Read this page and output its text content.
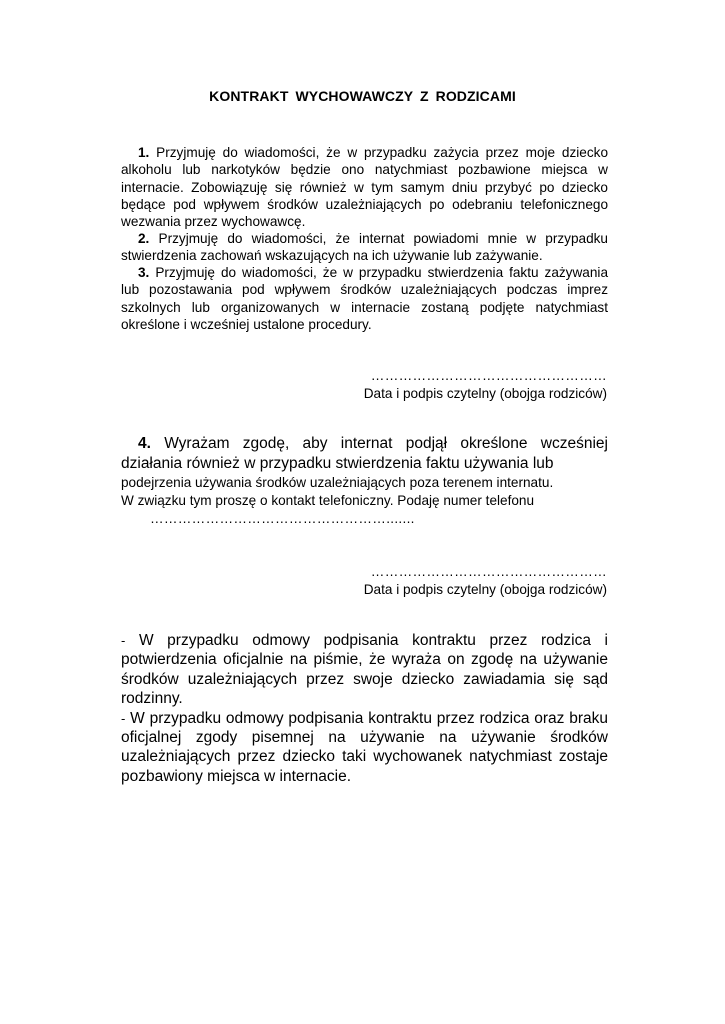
KONTRAKT WYCHOWAWCZY Z RODZICAMI

1. Przyjmuję do wiadomości, że w przypadku zażycia przez moje dziecko alkoholu lub narkotyków będzie ono natychmiast pozbawione miejsca w internacie. Zobowiązuję się również w tym samym dniu przybyć po dziecko będące pod wpływem środków uzależniających po odebraniu telefonicznego wezwania przez wychowawcę.

2. Przyjmuję do wiadomości, że internat powiadomi mnie w przypadku stwierdzenia zachowań wskazujących na ich używanie lub zażywanie.

3. Przyjmuję do wiadomości, że w przypadku stwierdzenia faktu zażywania lub pozostawania pod wpływem środków uzależniających podczas imprez szkolnych lub organizowanych w internacie zostaną podjęte natychmiast określone i wcześniej ustalone procedury.

……………………………………………
Data i podpis czytelny (obojga rodziców)
4. Wyrażam zgodę, aby internat podjął określone wcześniej działania również w przypadku stwierdzenia faktu używania lub
podejrzenia używania środków uzależniających poza terenem internatu.
W związku tym proszę o kontakt telefoniczny. Podaję numer telefonu
…………………………………………….......
……………………………………………
Data i podpis czytelny (obojga rodziców)

- W przypadku odmowy podpisania kontraktu przez rodzica i potwierdzenia oficjalnie na piśmie, że wyraża on zgodę na używanie środków uzależniających przez swoje dziecko zawiadamia się sąd rodzinny.

- W przypadku odmowy podpisania kontraktu przez rodzica oraz braku oficjalnej zgody pisemnej na używanie na używanie środków uzależniających przez dziecko taki wychowanek natychmiast zostaje pozbawiony miejsca w internacie.
